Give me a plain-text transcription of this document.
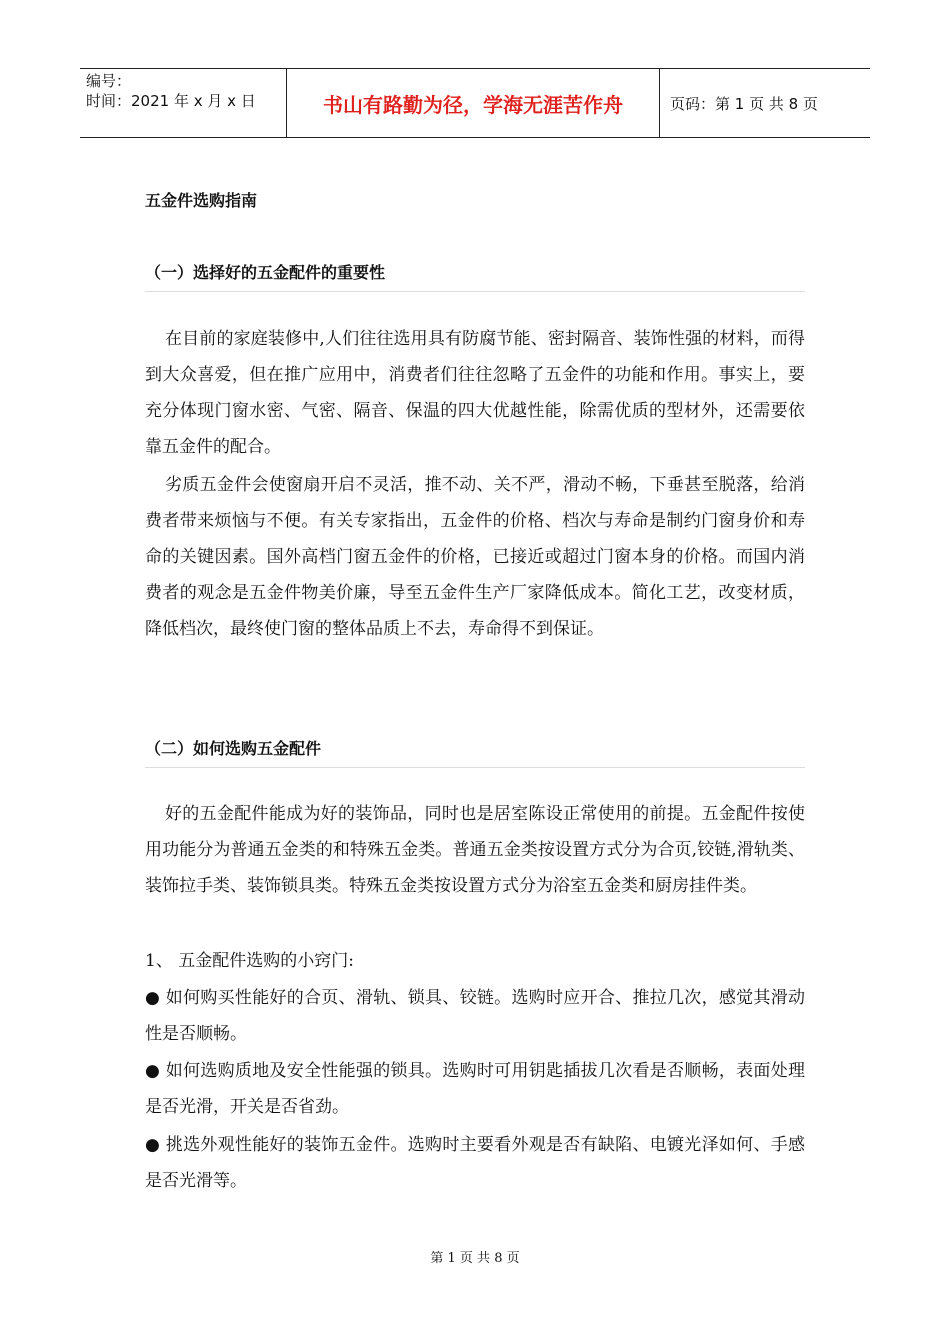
编号：
时间：2021 年 x 月 x 日	书山有路勤为径，学海无涯苦作舟	页码：第 1 页 共 8 页
五金件选购指南
（一）选择好的五金配件的重要性

在目前的家庭装修中,人们往往选用具有防腐节能、密封隔音、装饰性强的材料，而得到大众喜爱，但在推广应用中，消费者们往往忽略了五金件的功能和作用。事实上，要充分体现门窗水密、气密、隔音、保温的四大优越性能，除需优质的型材外，还需要依靠五金件的配合。

劣质五金件会使窗扇开启不灵活，推不动、关不严，滑动不畅，下垂甚至脱落，给消费者带来烦恼与不便。有关专家指出，五金件的价格、档次与寿命是制约门窗身价和寿命的关键因素。国外高档门窗五金件的价格，已接近或超过门窗本身的价格。而国内消费者的观念是五金件物美价廉，导至五金件生产厂家降低成本。简化工艺，改变材质，降低档次，最终使门窗的整体品质上不去，寿命得不到保证。

（二）如何选购五金配件

好的五金配件能成为好的装饰品，同时也是居室陈设正常使用的前提。五金配件按使用功能分为普通五金类的和特殊五金类。普通五金类按设置方式分为合页,铰链,滑轨类、装饰拉手类、装饰锁具类。特殊五金类按设置方式分为浴室五金类和厨房挂件类。

1、 五金配件选购的小窍门:

● 如何购买性能好的合页、滑轨、锁具、铰链。选购时应开合、推拉几次，感觉其滑动性是否顺畅。

● 如何选购质地及安全性能强的锁具。选购时可用钥匙插拔几次看是否顺畅，表面处理是否光滑，开关是否省劲。

● 挑选外观性能好的装饰五金件。选购时主要看外观是否有缺陷、电镀光泽如何、手感是否光滑等。

第 1 页 共 8 页
